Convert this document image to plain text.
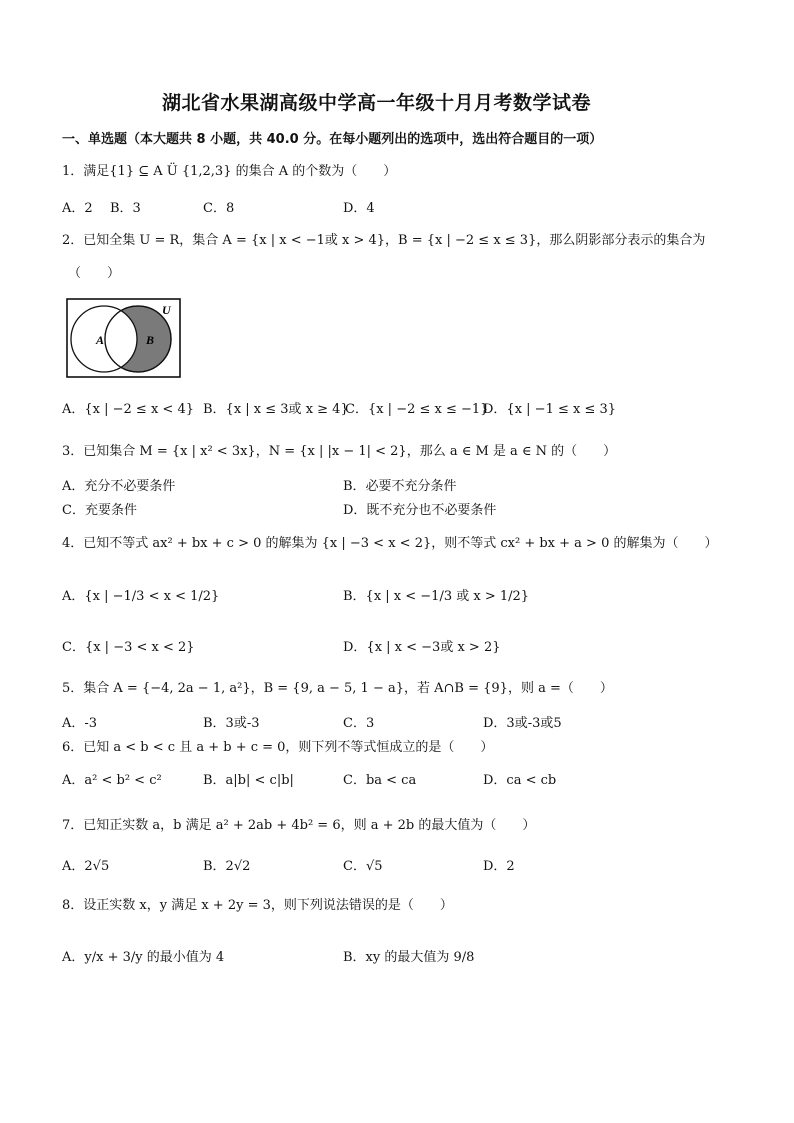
湖北省水果湖高级中学高一年级十月月考数学试卷
一、单选题（本大题共 8 小题，共 40.0 分。在每小题列出的选项中，选出符合题目的一项）
1．满足{1} ⊆ A Ü {1,2,3} 的集合 A 的个数为（　　）
A．2 B．3	C．8	D．4
2．已知全集 U = R，集合 A = {x | x < −1或 x > 4}，B = {x | −2 ≤ x ≤ 3}，那么阴影部分表示的集合为
（　　）
A	B
U
A．{x | −2 ≤ x < 4} B．{x | x ≤ 3或 x ≥ 4}
C．{x | −2 ≤ x ≤ −1}
D．{x | −1 ≤ x ≤ 3}
3．已知集合 M = {x | x² < 3x}，N = {x | |x − 1| < 2}，那么 a ∈ M 是 a ∈ N 的（　　）
A．充分不必要条件	B．必要不充分条件
C．充要条件	D．既不充分也不必要条件
4．已知不等式 ax² + bx + c > 0 的解集为 {x | −3 < x < 2}，则不等式 cx² + bx + a > 0 的解集为（　　）
A．{x | −1/3 < x < 1/2}	B．{x | x < −1/3 或 x > 1/2}
C．{x | −3 < x < 2}	D．{x | x < −3或 x > 2}
5．集合 A = {−4, 2a − 1, a²}，B = {9, a − 5, 1 − a}，若 A∩B = {9}，则 a =（　　）
A．-3	B．3或-3	C．3	D．3或-3或5
6．已知 a < b < c 且 a + b + c = 0，则下列不等式恒成立的是（　　）
A．a² < b² < c²	B．a|b| < c|b|	C．ba < ca	D．ca < cb
7．已知正实数 a，b 满足 a² + 2ab + 4b² = 6，则 a + 2b 的最大值为（　　）
A．2√5	B．2√2	C．√5	D．2
8．设正实数 x，y 满足 x + 2y = 3，则下列说法错误的是（　　）
A．y/x + 3/y 的最小值为 4	B．xy 的最大值为 9/8
